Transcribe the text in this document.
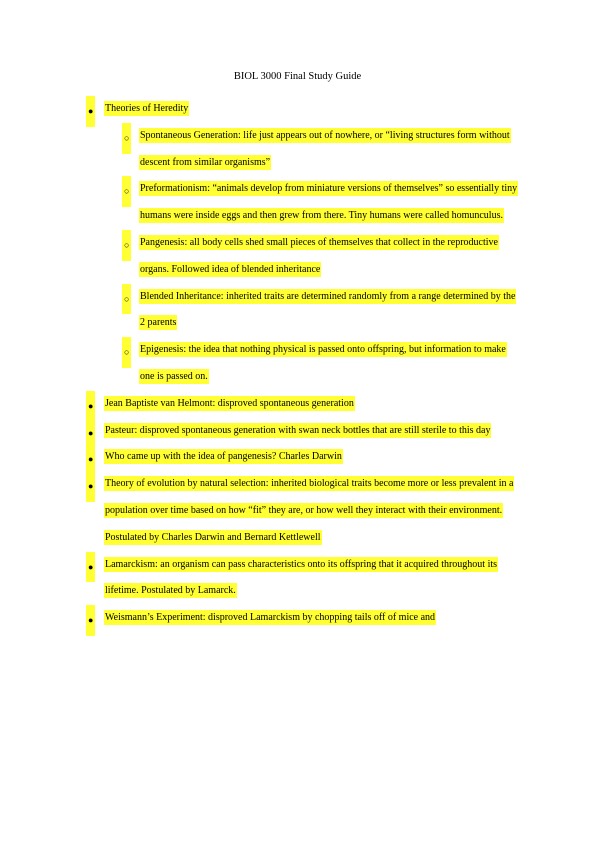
BIOL 3000 Final Study Guide
● Theories of Heredity
○ Spontaneous Generation: life just appears out of nowhere, or “living structures form without descent from similar organisms”
○ Preformationism: “animals develop from miniature versions of themselves” so essentially tiny humans were inside eggs and then grew from there. Tiny humans were called homunculus.
○ Pangenesis: all body cells shed small pieces of themselves that collect in the reproductive organs. Followed idea of blended inheritance
○ Blended Inheritance: inherited traits are determined randomly from a range determined by the 2 parents
○ Epigenesis: the idea that nothing physical is passed onto offspring, but information to make one is passed on.
● Jean Baptiste van Helmont: disproved spontaneous generation
● Pasteur: disproved spontaneous generation with swan neck bottles that are still sterile to this day
● Who came up with the idea of pangenesis? Charles Darwin
● Theory of evolution by natural selection: inherited biological traits become more or less prevalent in a population over time based on how “fit” they are, or how well they interact with their environment. Postulated by Charles Darwin and Bernard Kettlewell
● Lamarckism: an organism can pass characteristics onto its offspring that it acquired throughout its lifetime. Postulated by Lamarck.
● Weismann’s Experiment: disproved Lamarckism by chopping tails off of mice and
